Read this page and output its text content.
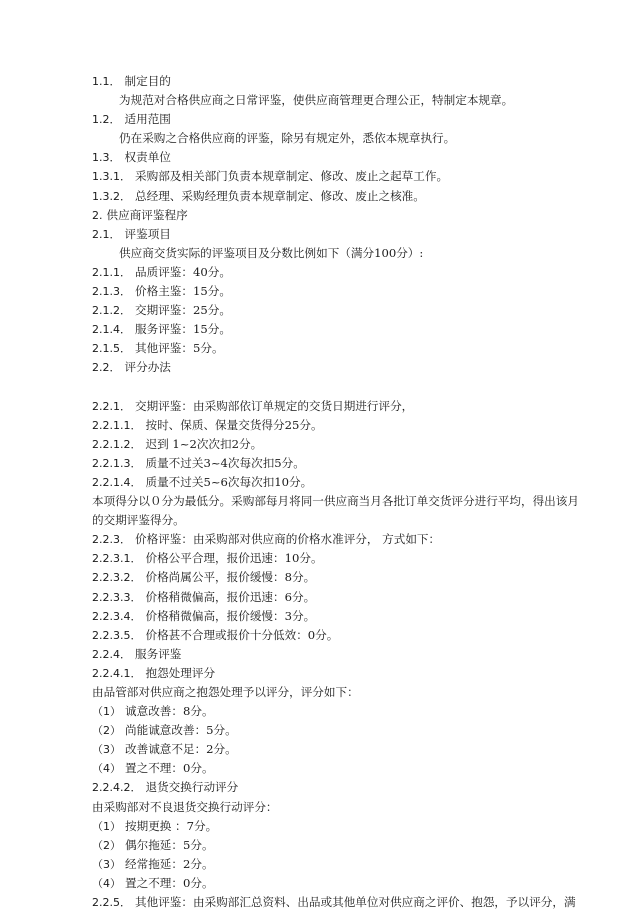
1.1． 制定目的
为规范对合格供应商之日常评鉴，使供应商管理更合理公正，特制定本规章。
1.2． 适用范围
仍在采购之合格供应商的评鉴，除另有规定外，悉依本规章执行。
1.3． 权责单位
1.3.1． 采购部及相关部门负责本规章制定、修改、废止之起草工作。
1.3.2． 总经理、采购经理负责本规章制定、修改、废止之核准。
2. 供应商评鉴程序
2.1． 评鉴项目
供应商交货实际的评鉴项目及分数比例如下（满分100分）:
2.1.1． 品质评鉴：40分。
2.1.3． 价格主鉴：15分。
2.1.2． 交期评鉴：25分。
2.1.4． 服务评鉴：15分。
2.1.5． 其他评鉴：5分。
2.2． 评分办法
2.2.1． 交期评鉴：由采购部依订单规定的交货日期进行评分，
2.2.1.1． 按时、保质、保量交货得分25分。
2.2.1.2． 迟到 1~2次次扣2分。
2.2.1.3． 质量不过关3~4次每次扣5分。
2.2.1.4． 质量不过关5~6次每次扣10分。
本项得分以０分为最低分。采购部每月将同一供应商当月各批订单交货评分进行平均，得出该月
的交期评鉴得分。
2.2.3． 价格评鉴：由采购部对供应商的价格水准评分， 方式如下：
2.2.3.1． 价格公平合理，报价迅速：10分。
2.2.3.2． 价格尚属公平，报价缓慢：8分。
2.2.3.3． 价格稍微偏高，报价迅速：6分。
2.2.3.4． 价格稍微偏高，报价缓慢：3分。
2.2.3.5． 价格甚不合理或报价十分低效：0分。
2.2.4． 服务评鉴
2.2.4.1． 抱怨处理评分
由品管部对供应商之抱怨处理予以评分，评分如下：
（1） 诚意改善：8分。
（2） 尚能诚意改善：5分。
（3） 改善诚意不足：2分。
（4） 置之不理：0分。
2.2.4.2． 退货交换行动评分
由采购部对不良退货交换行动评分：
（1） 按期更换 ：7分。
（2） 偶尔拖延：5分。
（3） 经常拖延：2分。
（4） 置之不理：0分。
2.2.5． 其他评鉴：由采购部汇总资料、出品或其他单位对供应商之评价、抱怨，予以评分，满
